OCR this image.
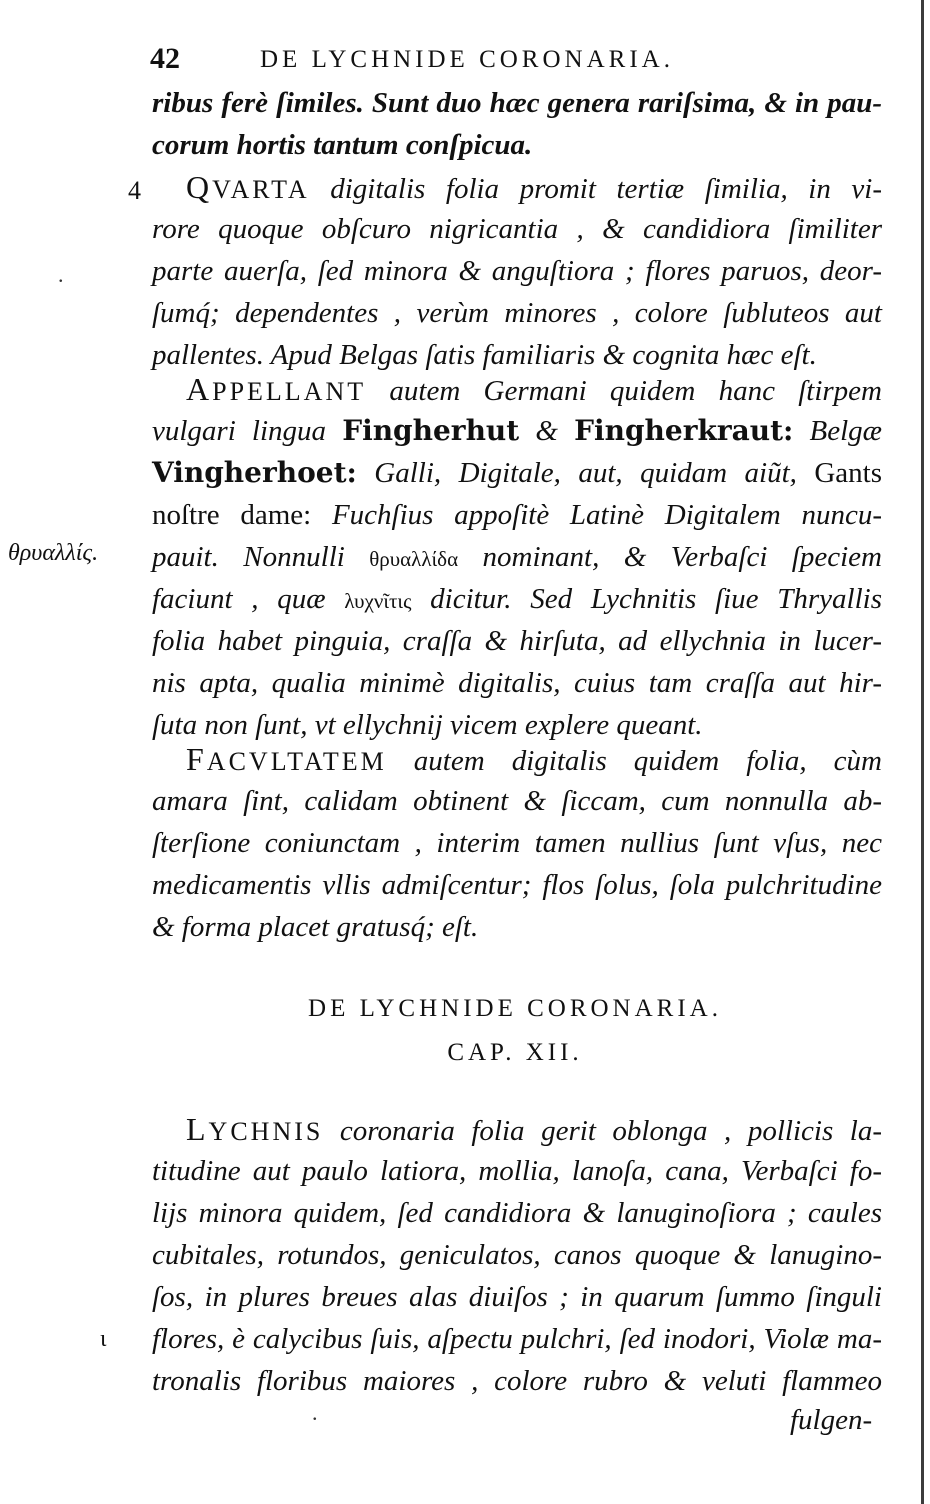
42	DE LYCHNIDE CORONARIA.
4
θρυαλλίς.
ι
.
.
ribus ferè ſimiles. Sunt duo hæc genera rariſsima, & in pau-
corum hortis tantum conſpicua.
QVARTA digitalis folia promit tertiæ ſimilia, in vi-
rore quoque obſcuro nigricantia , & candidiora ſimiliter
parte auerſa, ſed minora & anguſtiora ; flores paruos, deor-
ſumq́; dependentes , verùm minores , colore ſubluteos aut
pallentes. Apud Belgas ſatis familiaris & cognita hæc eſt.
APPELLANT autem Germani quidem hanc ſtirpem
vulgari lingua Fingherhut & Fingherkraut: Belgæ
Vingherhoet: Galli, Digitale, aut, quidam aiũt, Gants
noſtre dame: Fuchſius appoſitè Latinè Digitalem nuncu-
pauit. Nonnulli θρυαλλίδα nominant, & Verbaſci ſpeciem
faciunt , quæ λυχνῖτις dicitur. Sed Lychnitis ſiue Thryallis
folia habet pinguia, craſſa & hirſuta, ad ellychnia in lucer-
nis apta, qualia minimè digitalis, cuius tam craſſa aut hir-
ſuta non ſunt, vt ellychnij vicem explere queant.
FACVLTATEM autem digitalis quidem folia, cùm
amara ſint, calidam obtinent & ſiccam, cum nonnulla ab-
ſterſione coniunctam , interim tamen nullius ſunt vſus, nec
medicamentis vllis admiſcentur; flos ſolus, ſola pulchritudine
& forma placet gratusq́; eſt.
DE LYCHNIDE CORONARIA.
CAP. XII.
LYCHNIS coronaria folia gerit oblonga , pollicis la-
titudine aut paulo latiora, mollia, lanoſa, cana, Verbaſci fo-
lijs minora quidem, ſed candidiora & lanuginoſiora ; caules
cubitales, rotundos, geniculatos, canos quoque & lanugino-
ſos, in plures breues alas diuiſos ; in quarum ſummo ſinguli
flores, è calycibus ſuis, aſpectu pulchri, ſed inodori, Violæ ma-
tronalis floribus maiores , colore rubro & veluti flammeo
fulgen-
